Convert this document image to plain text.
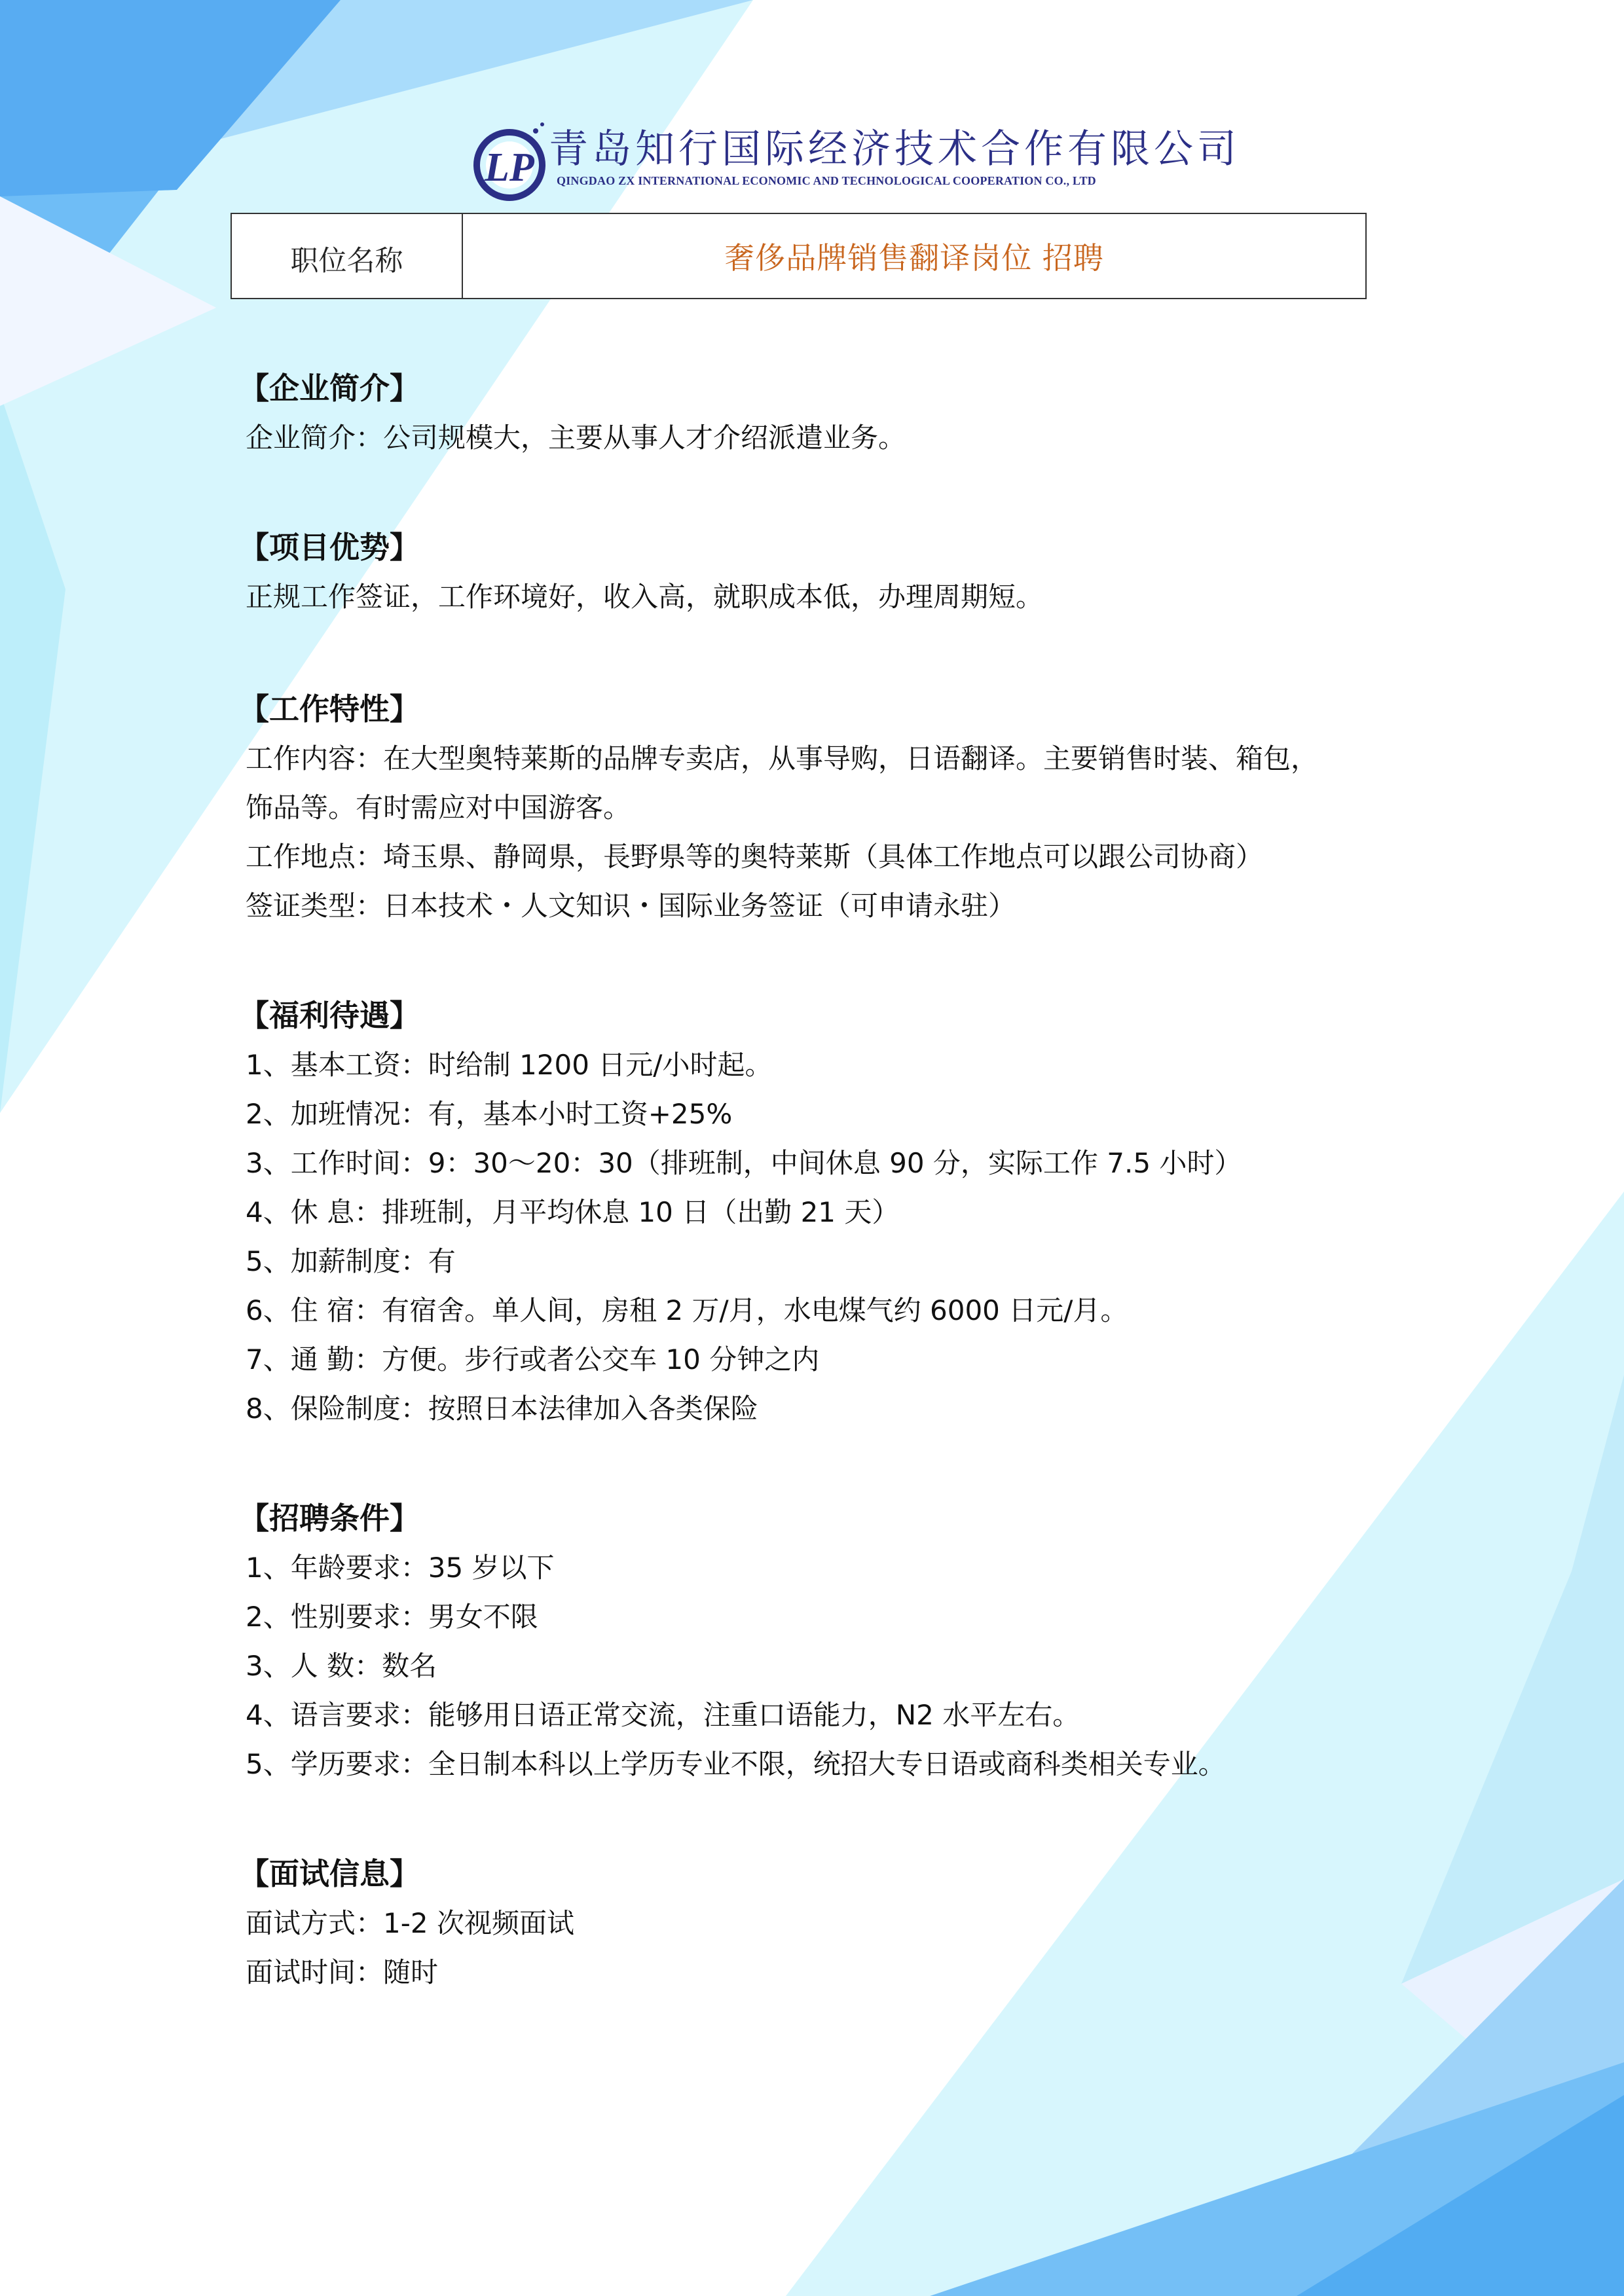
LP 青岛知行国际经济技术合作有限公司
QINGDAO ZX INTERNATIONAL ECONOMIC AND TECHNOLOGICAL COOPERATION CO., LTD
职位名称	奢侈品牌销售翻译岗位 招聘
【企业简介】
企业简介：公司规模大，主要从事人才介绍派遣业务。
【项目优势】
正规工作签证，工作环境好，收入高，就职成本低，办理周期短。
【工作特性】
工作内容：在大型奥特莱斯的品牌专卖店，从事导购，日语翻译。主要销售时装、箱包，
饰品等。有时需应对中国游客。
工作地点：埼玉県、静岡県，長野県等的奥特莱斯（具体工作地点可以跟公司协商）
签证类型：日本技术・人文知识・国际业务签证（可申请永驻）
【福利待遇】
1、基本工资：时给制 1200 日元/小时起。
2、加班情况：有，基本小时工资+25%
3、工作时间：9：30～20：30（排班制，中间休息 90 分，实际工作 7.5 小时）
4、休 息：排班制，月平均休息 10 日（出勤 21 天）
5、加薪制度：有
6、住 宿：有宿舍。单人间，房租 2 万/月，水电煤气约 6000 日元/月。
7、通 勤：方便。步行或者公交车 10 分钟之内
8、保险制度：按照日本法律加入各类保险
【招聘条件】
1、年龄要求：35 岁以下
2、性别要求：男女不限
3、人 数：数名
4、语言要求：能够用日语正常交流，注重口语能力，N2 水平左右。
5、学历要求：全日制本科以上学历专业不限，统招大专日语或商科类相关专业。
【面试信息】
面试方式：1-2 次视频面试
面试时间：随时
